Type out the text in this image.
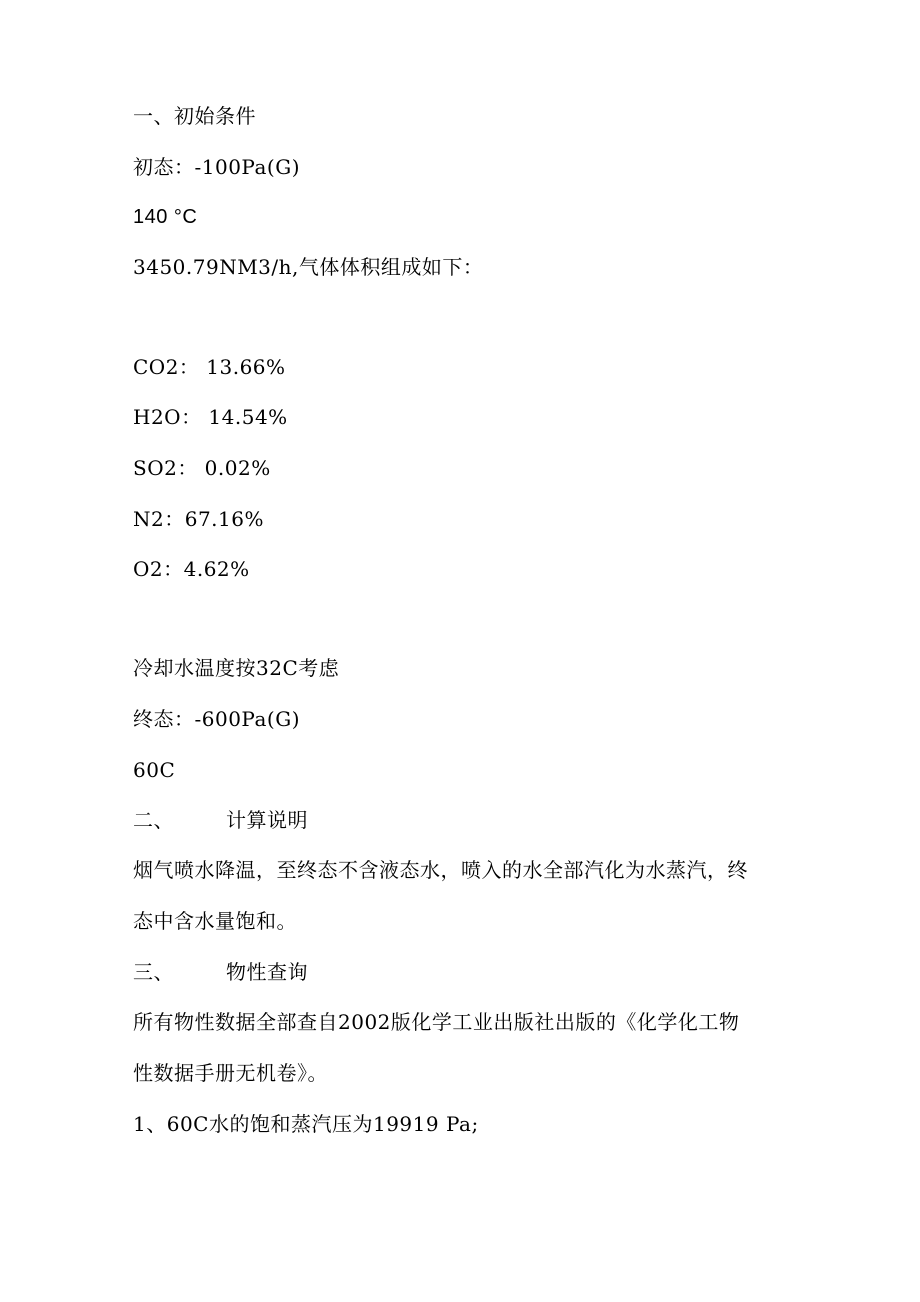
一、初始条件
初态：-100Pa(G)
140 °C
3450.79NM3/h,气体体积组成如下：
CO2： 13.66%
H2O： 14.54%
SO2： 0.02%
N2：67.16%
O2：4.62%
冷却水温度按32C考虑
终态：-600Pa(G)
60C
二、	计算说明
烟气喷水降温，至终态不含液态水，喷入的水全部汽化为水蒸汽，终
态中含水量饱和。
三、	物性查询
所有物性数据全部查自2002版化学工业出版社出版的《化学化工物
性数据手册无机卷》。
1、60C水的饱和蒸汽压为19919 Pa;
